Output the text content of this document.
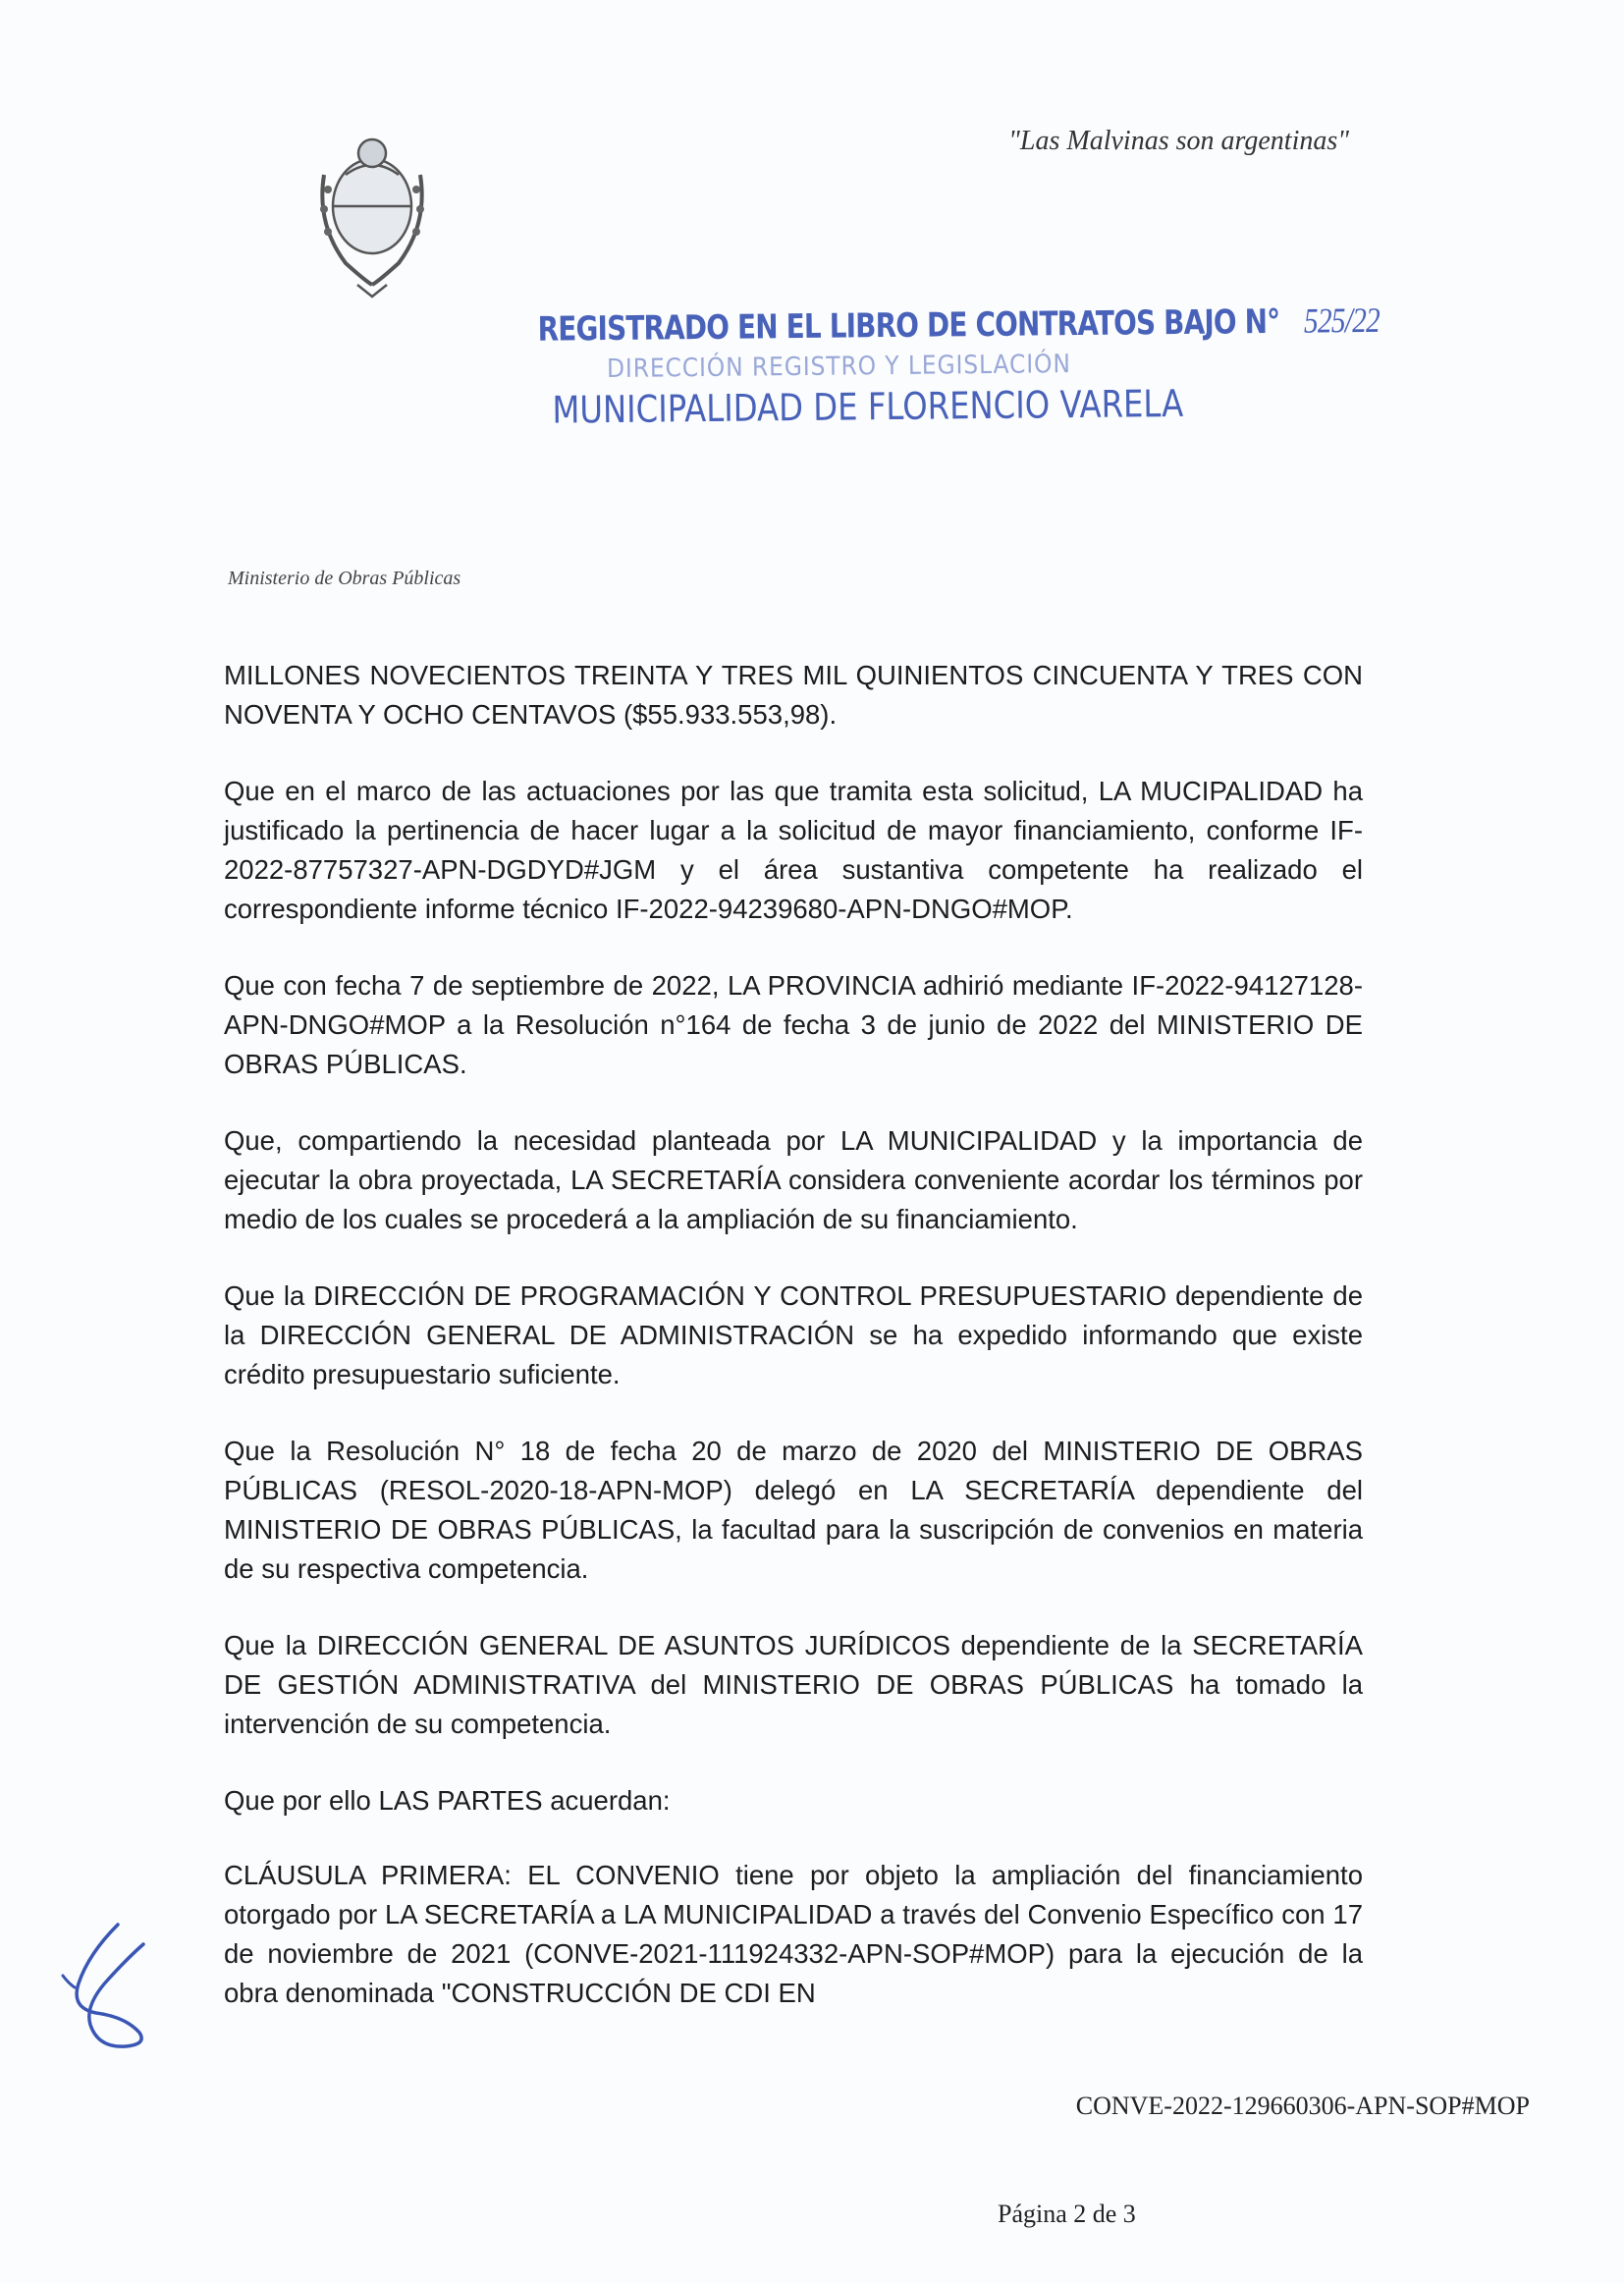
"Las Malvinas son argentinas"
REGISTRADO EN EL LIBRO DE CONTRATOS BAJO N° 525/22
DIRECCIÓN REGISTRO Y LEGISLACIÓN
MUNICIPALIDAD DE FLORENCIO VARELA
Ministerio de Obras Públicas

MILLONES NOVECIENTOS TREINTA Y TRES MIL QUINIENTOS CINCUENTA Y TRES CON NOVENTA Y OCHO CENTAVOS ($55.933.553,98).

Que en el marco de las actuaciones por las que tramita esta solicitud, LA MUCIPALIDAD ha justificado la pertinencia de hacer lugar a la solicitud de mayor financiamiento, conforme IF-2022-87757327-APN-DGDYD#JGM y el área sustantiva competente ha realizado el correspondiente informe técnico IF-2022-94239680-APN-DNGO#MOP.

Que con fecha 7 de septiembre de 2022, LA PROVINCIA adhirió mediante IF-2022-94127128-APN-DNGO#MOP a la Resolución n°164 de fecha 3 de junio de 2022 del MINISTERIO DE OBRAS PÚBLICAS.

Que, compartiendo la necesidad planteada por LA MUNICIPALIDAD y la importancia de ejecutar la obra proyectada, LA SECRETARÍA considera conveniente acordar los términos por medio de los cuales se procederá a la ampliación de su financiamiento.

Que la DIRECCIÓN DE PROGRAMACIÓN Y CONTROL PRESUPUESTARIO dependiente de la DIRECCIÓN GENERAL DE ADMINISTRACIÓN se ha expedido informando que existe crédito presupuestario suficiente.

Que la Resolución N° 18 de fecha 20 de marzo de 2020 del MINISTERIO DE OBRAS PÚBLICAS (RESOL-2020-18-APN-MOP) delegó en LA SECRETARÍA dependiente del MINISTERIO DE OBRAS PÚBLICAS, la facultad para la suscripción de convenios en materia de su respectiva competencia.

Que la DIRECCIÓN GENERAL DE ASUNTOS JURÍDICOS dependiente de la SECRETARÍA DE GESTIÓN ADMINISTRATIVA del MINISTERIO DE OBRAS PÚBLICAS ha tomado la intervención de su competencia.

Que por ello LAS PARTES acuerdan:

CLÁUSULA PRIMERA: EL CONVENIO tiene por objeto la ampliación del financiamiento otorgado por LA SECRETARÍA a LA MUNICIPALIDAD a través del Convenio Específico con 17 de noviembre de 2021 (CONVE-2021-111924332-APN-SOP#MOP) para la ejecución de la obra denominada "CONSTRUCCIÓN DE CDI EN

CONVE-2022-129660306-APN-SOP#MOP
Página 2 de 3
